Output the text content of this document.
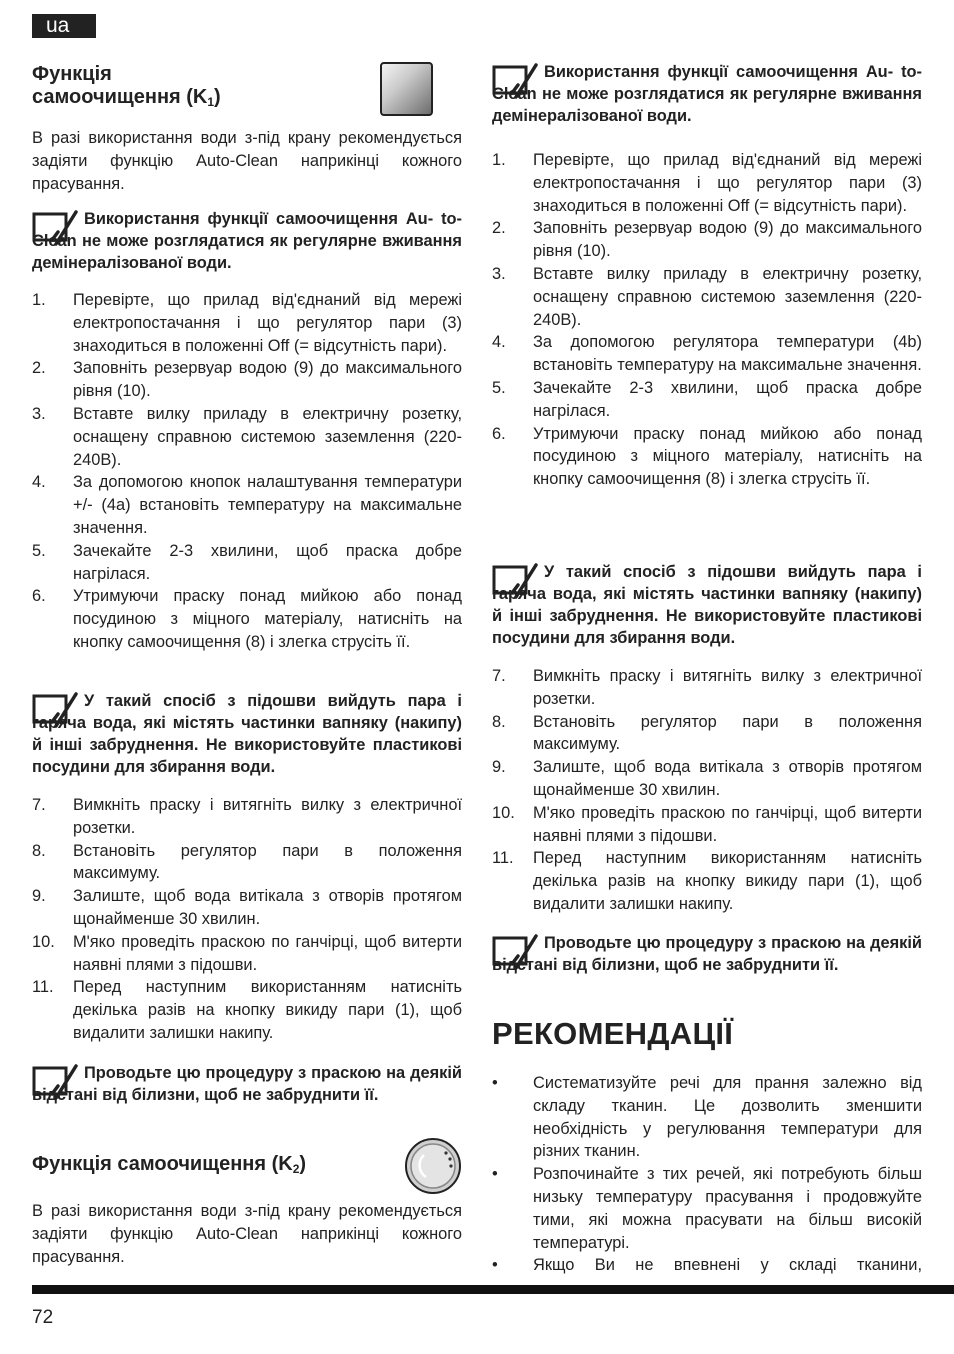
ua
Функція
самоочищення $(K_1)$

В разі використання води з-під крану рекомендується задіяти функцію Auto-Clean наприкінці кожного прасування.

Використання функції самоочищення Au- to-Clean не може розглядатися як регулярне вживання демінералізованої води.
1. Перевірте, що прилад від'єднаний від мережі електропостачання і що регулятор пари (3) знаходиться в положенні Off (= відсутність пари).
2. Заповніть резервуар водою (9) до максимального рівня (10).
3. Вставте вилку приладу в електричну розетку, оснащену справною системою заземлення (220-240В).
4. За допомогою кнопок налаштування температури +/- (4a) встановіть температуру на максимальне значення.
5. Зачекайте 2-3 хвилини, щоб праска добре нагрілася.
6. Утримуючи праску понад мийкою або понад посудиною з міцного матеріалу, натисніть на кнопку самоочищення (8) і злегка струсіть її.
У такий спосіб з підошви вийдуть пара і гаряча вода, які містять частинки вапняку (накипу) й інші забруднення. Не використовуйте пластикові посудини для збирання води.
7. Вимкніть праску і витягніть вилку з електричної розетки.
8. Встановіть регулятор пари в положення максимуму.
9. Залиште, щоб вода витікала з отворів протягом щонайменше 30 хвилин.
10. М'яко проведіть праскою по ганчірці, щоб витерти наявні плями з підошви.
11. Перед наступним використанням натисніть декілька разів на кнопку викиду пари (1), щоб видалити залишки накипу.
Проводьте цю процедуру з праскою на деякій відстані від білизни, щоб не забруднити її.
Функція самоочищення $(K_2)$

В разі використання води з-під крану рекомендується задіяти функцію Auto-Clean наприкінці кожного прасування.

Використання функції самоочищення Au- to-Clean не може розглядатися як регулярне вживання демінералізованої води.
1. Перевірте, що прилад від'єднаний від мережі електропостачання і що регулятор пари (3) знаходиться в положенні Off (= відсутність пари).
2. Заповніть резервуар водою (9) до максимального рівня (10).
3. Вставте вилку приладу в електричну розетку, оснащену справною системою заземлення (220-240В).
4. За допомогою регулятора температури (4b) встановіть температуру на максимальне значення.
5. Зачекайте 2-3 хвилини, щоб праска добре нагрілася.
6. Утримуючи праску понад мийкою або понад посудиною з міцного матеріалу, натисніть на кнопку самоочищення (8) і злегка струсіть її.
У такий спосіб з підошви вийдуть пара і гаряча вода, які містять частинки вапняку (накипу) й інші забруднення. Не використовуйте пластикові посудини для збирання води.
7. Вимкніть праску і витягніть вилку з електричної розетки.
8. Встановіть регулятор пари в положення максимуму.
9. Залиште, щоб вода витікала з отворів протягом щонайменше 30 хвилин.
10. М'яко проведіть праскою по ганчірці, щоб витерти наявні плями з підошви.
11. Перед наступним використанням натисніть декілька разів на кнопку викиду пари (1), щоб видалити залишки накипу.
Проводьте цю процедуру з праскою на деякій відстані від білизни, щоб не забруднити її.
РЕКОМЕНДАЦІЇ
• Систематизуйте речі для прання залежно від складу тканин. Це дозволить зменшити необхідність у регулювання температури для різних тканин.
• Розпочинайте з тих речей, які потребують більш низьку температуру прасування і продовжуйте тими, які можна прасувати на більш високій температурі.
• Якщо Ви не впевнені у складі тканини,
72
